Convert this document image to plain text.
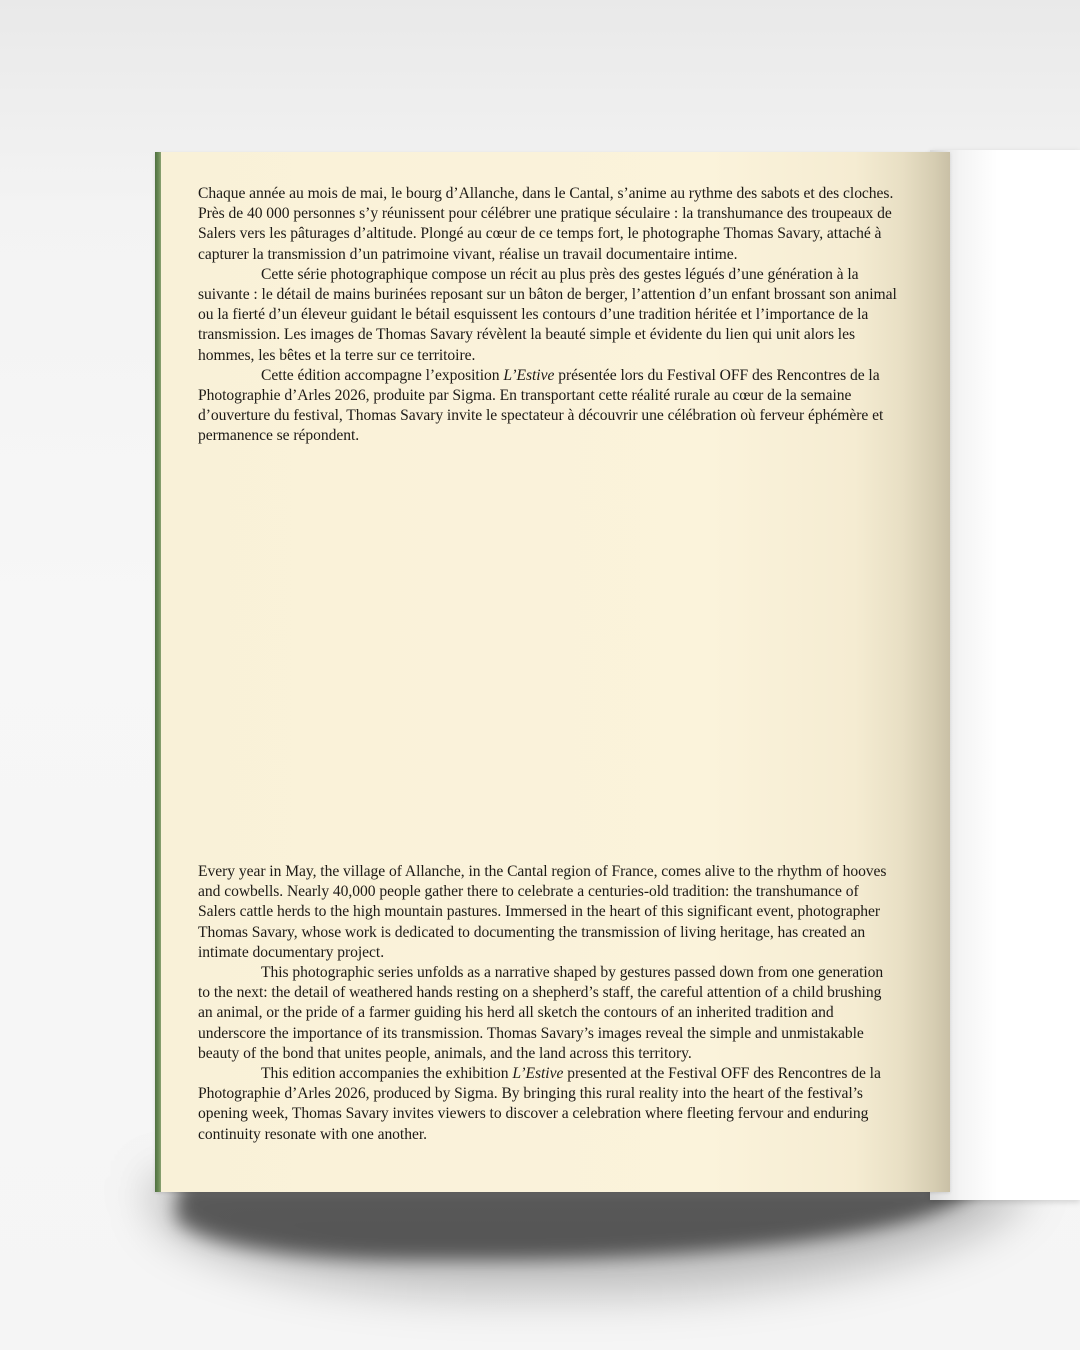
Chaque année au mois de mai, le bourg d’Allanche, dans le Cantal, s’anime au rythme des sabots et des cloches. Près de 40 000 personnes s’y réunissent pour célébrer une pratique séculaire : la transhumance des troupeaux de Salers vers les pâturages d’altitude. Plongé au cœur de ce temps fort, le photographe Thomas Savary, attaché à capturer la transmission d’un patrimoine vivant, réalise un travail documentaire intime.

Cette série photographique compose un récit au plus près des gestes légués d’une génération à la suivante : le détail de mains burinées reposant sur un bâton de berger, l’attention d’un enfant brossant son animal ou la fierté d’un éleveur guidant le bétail esquissent les contours d’une tradition héritée et l’importance de la transmission. Les images de Thomas Savary révèlent la beauté simple et évidente du lien qui unit alors les hommes, les bêtes et la terre sur ce territoire.

Cette édition accompagne l’exposition L’Estive présentée lors du Festival OFF des Rencontres de la Photographie d’Arles 2026, produite par Sigma. En transportant cette réalité rurale au cœur de la semaine d’ouverture du festival, Thomas Savary invite le spectateur à découvrir une célébration où ferveur éphémère et permanence se répondent.

Every year in May, the village of Allanche, in the Cantal region of France, comes alive to the rhythm of hooves and cowbells. Nearly 40,000 people gather there to celebrate a centuries-old tradition: the transhumance of Salers cattle herds to the high mountain pastures. Immersed in the heart of this significant event, photographer Thomas Savary, whose work is dedicated to documenting the transmission of living heritage, has created an intimate documentary project.

This photographic series unfolds as a narrative shaped by gestures passed down from one generation to the next: the detail of weathered hands resting on a shepherd’s staff, the careful attention of a child brushing an animal, or the pride of a farmer guiding his herd all sketch the contours of an inherited tradition and underscore the importance of its transmission. Thomas Savary’s images reveal the simple and unmistakable beauty of the bond that unites people, animals, and the land across this territory.

This edition accompanies the exhibition L’Estive presented at the Festival OFF des Rencontres de la Photographie d’Arles 2026, produced by Sigma. By bringing this rural reality into the heart of the festival’s opening week, Thomas Savary invites viewers to discover a celebration where fleeting fervour and enduring continuity resonate with one another.
